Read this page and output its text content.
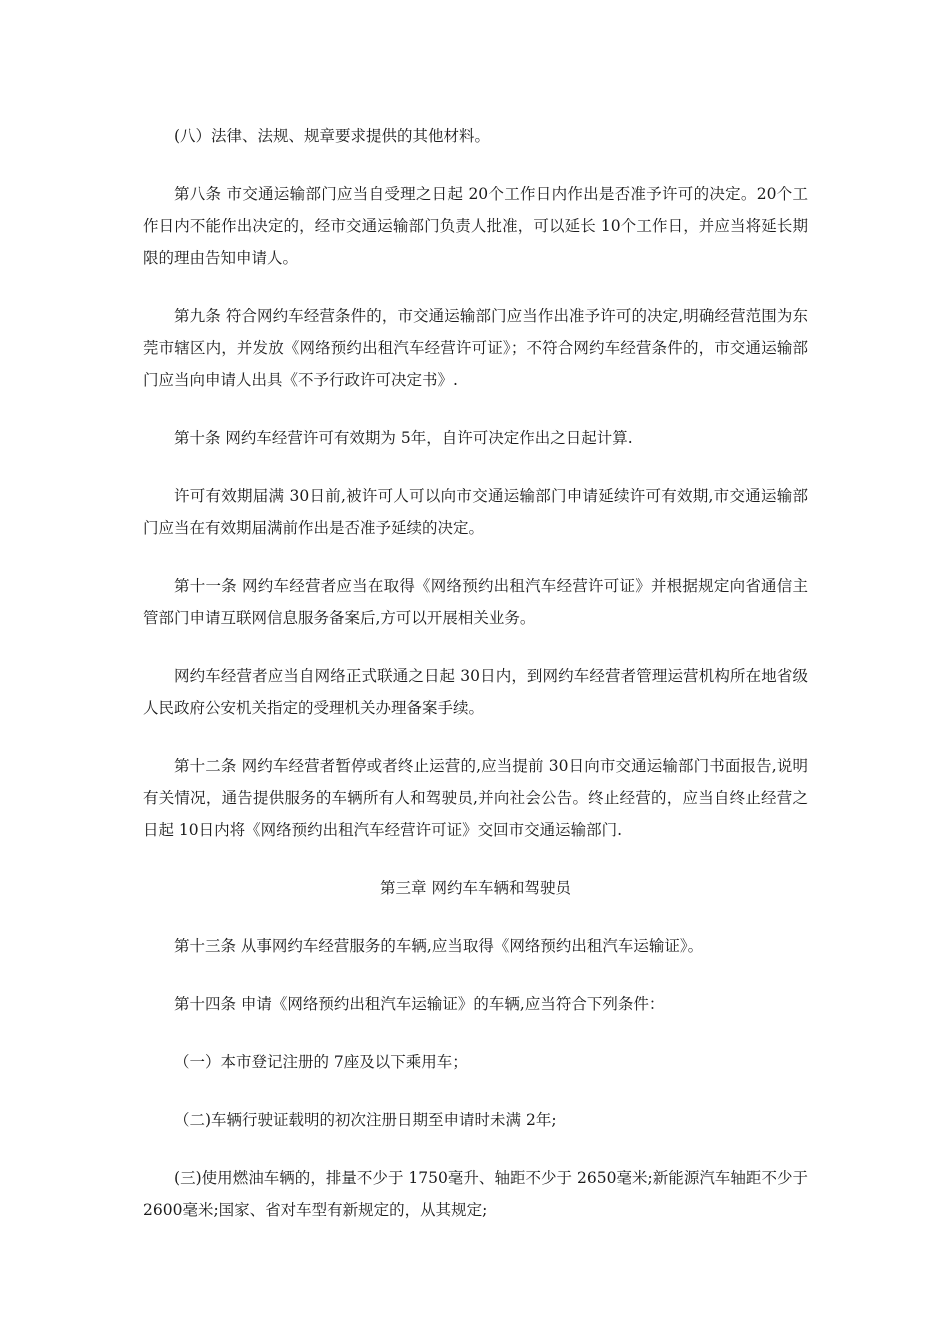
(八）法律、法规、规章要求提供的其他材料。

第八条 市交通运输部门应当自受理之日起 20个工作日内作出是否准予许可的决定。20个工作日内不能作出决定的，经市交通运输部门负责人批准，可以延长 10个工作日，并应当将延长期限的理由告知申请人。

第九条 符合网约车经营条件的，市交通运输部门应当作出准予许可的决定,明确经营范围为东莞市辖区内，并发放《网络预约出租汽车经营许可证》；不符合网约车经营条件的，市交通运输部门应当向申请人出具《不予行政许可决定书》.

第十条 网约车经营许可有效期为 5年，自许可决定作出之日起计算.

许可有效期届满 30日前,被许可人可以向市交通运输部门申请延续许可有效期,市交通运输部门应当在有效期届满前作出是否准予延续的决定。

第十一条 网约车经营者应当在取得《网络预约出租汽车经营许可证》并根据规定向省通信主管部门申请互联网信息服务备案后,方可以开展相关业务。

网约车经营者应当自网络正式联通之日起 30日内，到网约车经营者管理运营机构所在地省级人民政府公安机关指定的受理机关办理备案手续。

第十二条 网约车经营者暂停或者终止运营的,应当提前 30日向市交通运输部门书面报告,说明有关情况，通告提供服务的车辆所有人和驾驶员,并向社会公告。终止经营的，应当自终止经营之日起 10日内将《网络预约出租汽车经营许可证》交回市交通运输部门.

第三章 网约车车辆和驾驶员

第十三条 从事网约车经营服务的车辆,应当取得《网络预约出租汽车运输证》。

第十四条 申请《网络预约出租汽车运输证》的车辆,应当符合下列条件：

（一）本市登记注册的 7座及以下乘用车；

（二)车辆行驶证载明的初次注册日期至申请时未满 2年;

(三)使用燃油车辆的，排量不少于 1750毫升、轴距不少于 2650毫米;新能源汽车轴距不少于 2600毫米;国家、省对车型有新规定的，从其规定;
